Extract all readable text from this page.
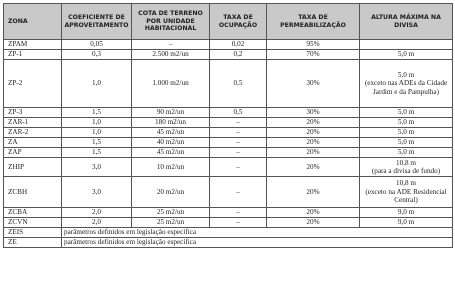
ZONA	COEFICIENTE DE APROVEITAMENTO	COTA DE TERRENO POR UNIDADE HABITACIONAL	TAXA DE OCUPAÇÃO	TAXA DE PERMEABILIZAÇÃO	ALTURA MÁXIMA NA DIVISA
ZPAM	0,05	–	0,02	95%	
ZP-1	0,3	2.500 m2/un	0,2	70%	5,0 m
ZP-2	1,0	1.000 m2/un	0,5	30%	5,0 m
(exceto nas ADEs da Cidade Jardim e da Pampulha)
ZP-3	1,5	90 m2/un	0,5	30%	5,0 m
ZAR-1	1,0	180 m2/un	–	20%	5,0 m
ZAR-2	1,0	45 m2/un	–	20%	5,0 m
ZA	1,5	40 m2/un	–	20%	5,0 m
ZAP	1,5	45 m2/un	–	20%	5,0 m
ZHIP	3,0	10 m2/un	–	20%	10,8 m
(para a divisa de fundo)
ZCBH	3,0	20 m2/un	–	20%	10,8 m
(exceto na ADE Residencial Central)
ZCBA	2,0	25 m2/un	–	20%	9,0 m
ZCVN	2,0	25 m2/un	–	20%	9,0 m
ZEIS	parâmetros definidos em legislação específica				
ZE	parâmetros definidos em legislação específica				
